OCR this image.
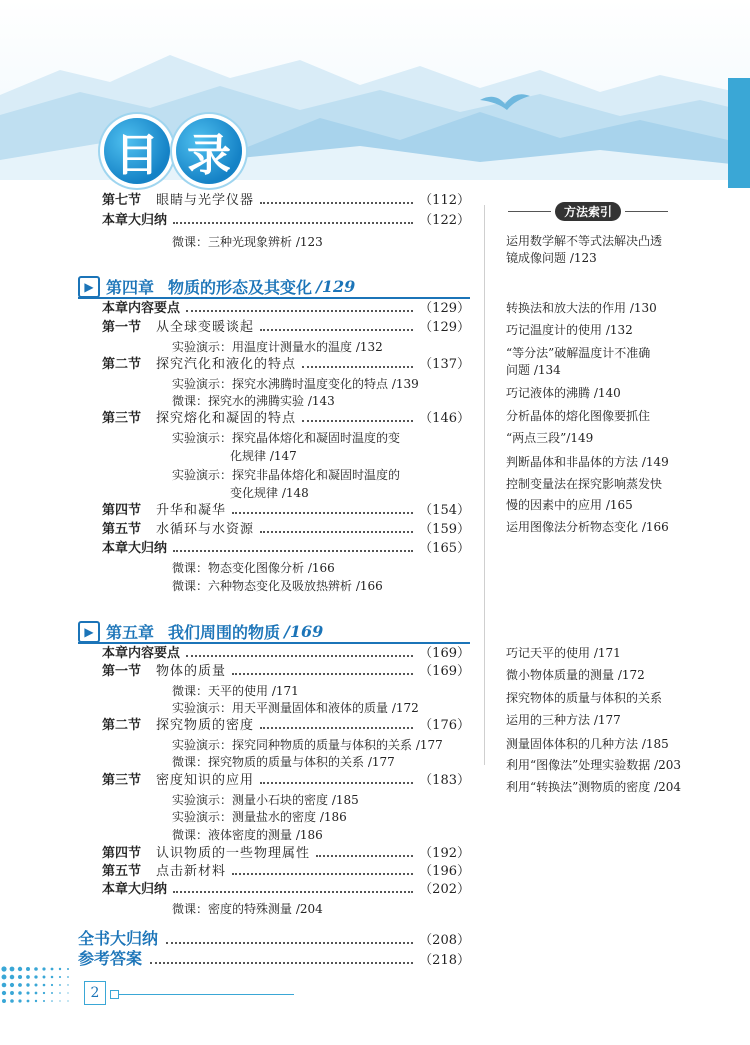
目 录
第七节	眼睛与光学仪器	（112）
本章大归纳	（122）
微课：三种光现象辨析 /123
▶ 第四章 物质的形态及其变化 /129
本章内容要点	（129）
第一节	从全球变暖谈起	（129）
实验演示：用温度计测量水的温度 /132
第二节	探究汽化和液化的特点	（137）
实验演示：探究水沸腾时温度变化的特点 /139
微课：探究水的沸腾实验 /143
第三节	探究熔化和凝固的特点	（146）
实验演示：探究晶体熔化和凝固时温度的变
化规律 /147
实验演示：探究非晶体熔化和凝固时温度的
变化规律 /148
第四节	升华和凝华	（154）
第五节	水循环与水资源	（159）
本章大归纳	（165）
微课：物态变化图像分析 /166
微课：六种物态变化及吸放热辨析 /166
▶ 第五章 我们周围的物质 /169
本章内容要点	（169）
第一节	物体的质量	（169）
微课：天平的使用 /171
实验演示：用天平测量固体和液体的质量 /172
第二节	探究物质的密度	（176）
实验演示：探究同种物质的质量与体积的关系 /177
微课：探究物质的质量与体积的关系 /177
第三节	密度知识的应用	（183）
实验演示：测量小石块的密度 /185
实验演示：测量盐水的密度 /186
微课：液体密度的测量 /186
第四节	认识物质的一些物理属性	（192）
第五节	点击新材料	（196）
本章大归纳	（202）
微课：密度的特殊测量 /204
全书大归纳	（208）
参考答案	（218）
方法索引
运用数学解不等式法解决凸透
镜成像问题 /123
转换法和放大法的作用 /130
巧记温度计的使用 /132
“等分法”破解温度计不准确
问题 /134
巧记液体的沸腾 /140
分析晶体的熔化图像要抓住
“两点三段”/149
判断晶体和非晶体的方法 /149
控制变量法在探究影响蒸发快
慢的因素中的应用 /165
运用图像法分析物态变化 /166
巧记天平的使用 /171
微小物体质量的测量 /172
探究物体的质量与体积的关系
运用的三种方法 /177
测量固体体积的几种方法 /185
利用“图像法”处理实验数据 /203
利用“转换法”测物质的密度 /204
2
